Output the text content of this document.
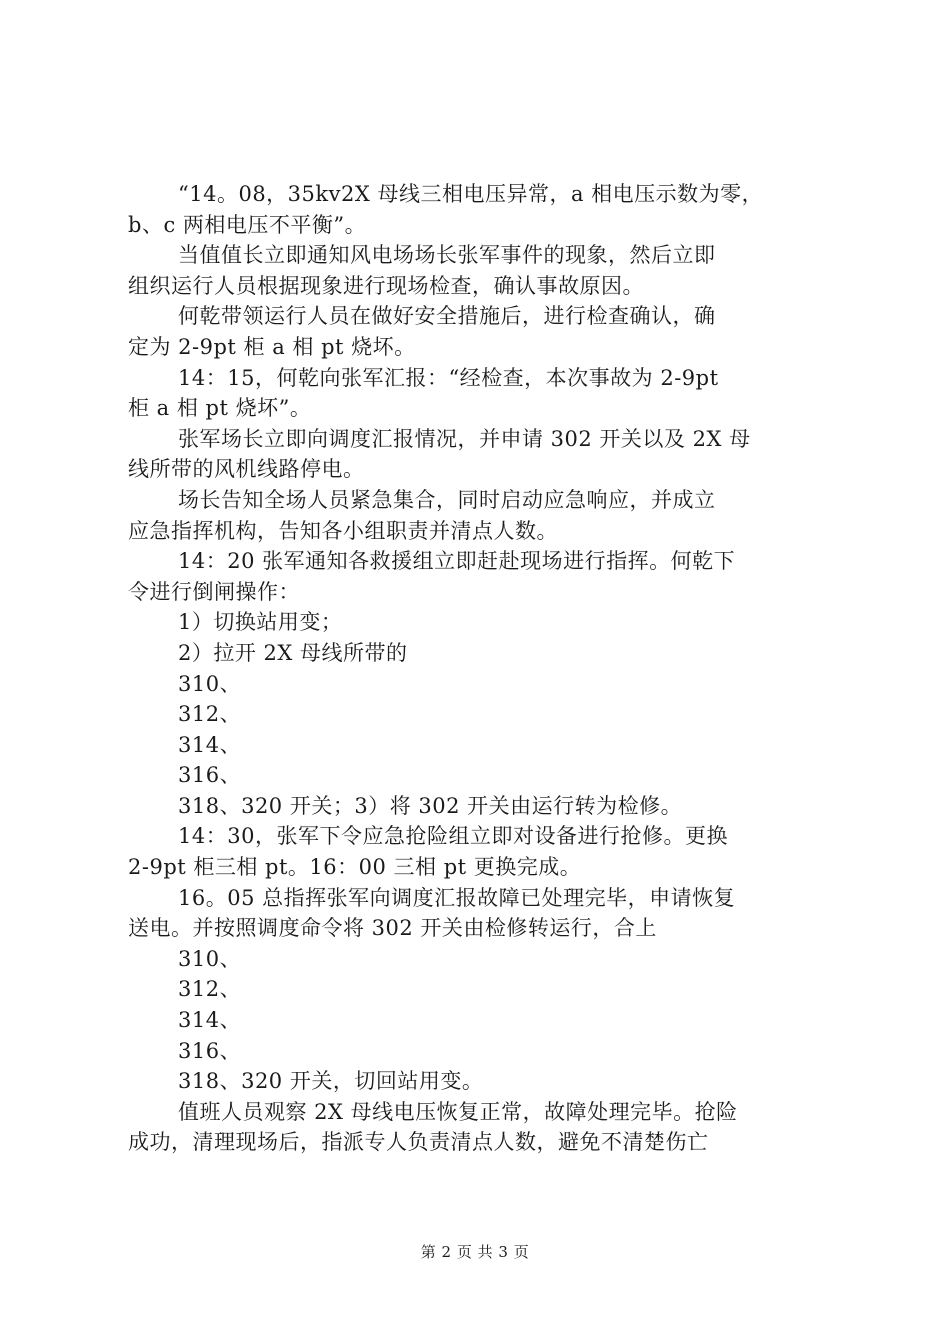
“14。08，35kv2X 母线三相电压异常，a 相电压示数为零，
b、c 两相电压不平衡”。
当值值长立即通知风电场场长张军事件的现象，然后立即
组织运行人员根据现象进行现场检查，确认事故原因。
何乾带领运行人员在做好安全措施后，进行检查确认，确
定为 2-9pt 柜 a 相 pt 烧坏。
14：15，何乾向张军汇报：“经检查，本次事故为 2-9pt
柜 a 相 pt 烧坏”。
张军场长立即向调度汇报情况，并申请 302 开关以及 2X 母
线所带的风机线路停电。
场长告知全场人员紧急集合，同时启动应急响应，并成立
应急指挥机构，告知各小组职责并清点人数。
14：20 张军通知各救援组立即赶赴现场进行指挥。何乾下
令进行倒闸操作：
1）切换站用变；
2）拉开 2X 母线所带的
310、
312、
314、
316、
318、320 开关；3）将 302 开关由运行转为检修。
14：30，张军下令应急抢险组立即对设备进行抢修。更换
2-9pt 柜三相 pt。16：00 三相 pt 更换完成。
16。05 总指挥张军向调度汇报故障已处理完毕，申请恢复
送电。并按照调度命令将 302 开关由检修转运行，合上
310、
312、
314、
316、
318、320 开关，切回站用变。
值班人员观察 2X 母线电压恢复正常，故障处理完毕。抢险
成功，清理现场后，指派专人负责清点人数，避免不清楚伤亡
第 2 页 共 3 页
